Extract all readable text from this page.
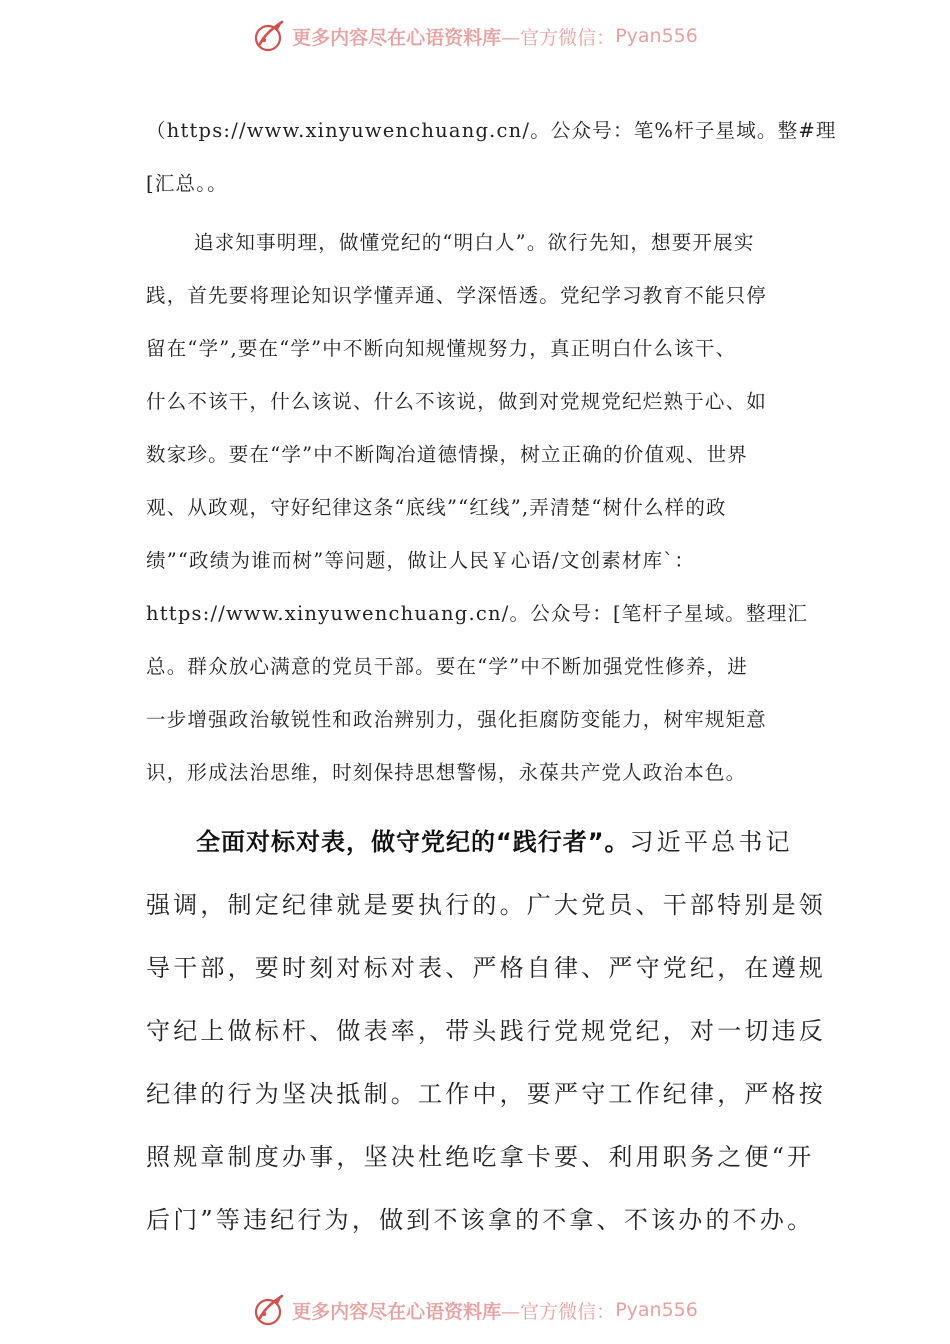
更多内容尽在心语资料库 —官方微信： Pyan556

（https://www.xinyuwenchuang.cn/。公众号：笔%杆子星域。整#理
[汇总。。

追求知事明理，做懂党纪的“明白人”。欲行先知，想要开展实
践，首先要将理论知识学懂弄通、学深悟透。党纪学习教育不能只停
留在“学”,要在“学”中不断向知规懂规努力，真正明白什么该干、
什么不该干，什么该说、什么不该说，做到对党规党纪烂熟于心、如
数家珍。要在“学”中不断陶冶道德情操，树立正确的价值观、世界
观、从政观，守好纪律这条“底线”“红线”,弄清楚“树什么样的政
绩”“政绩为谁而树”等问题，做让人民￥心语/文创素材库`：
https://www.xinyuwenchuang.cn/。公众号：[笔杆子星域。整理汇
总。群众放心满意的党员干部。要在“学”中不断加强党性修养，进
一步增强政治敏锐性和政治辨别力，强化拒腐防变能力，树牢规矩意
识，形成法治思维，时刻保持思想警惕，永葆共产党人政治本色。

全面对标对表，做守党纪的“践行者”。习近平总书记
强调，制定纪律就是要执行的。广大党员、干部特别是领
导干部，要时刻对标对表、严格自律、严守党纪，在遵规
守纪上做标杆、做表率，带头践行党规党纪，对一切违反
纪律的行为坚决抵制。工作中，要严守工作纪律，严格按
照规章制度办事，坚决杜绝吃拿卡要、利用职务之便“开
后门”等违纪行为，做到不该拿的不拿、不该办的不办。

更多内容尽在心语资料库 —官方微信： Pyan556
